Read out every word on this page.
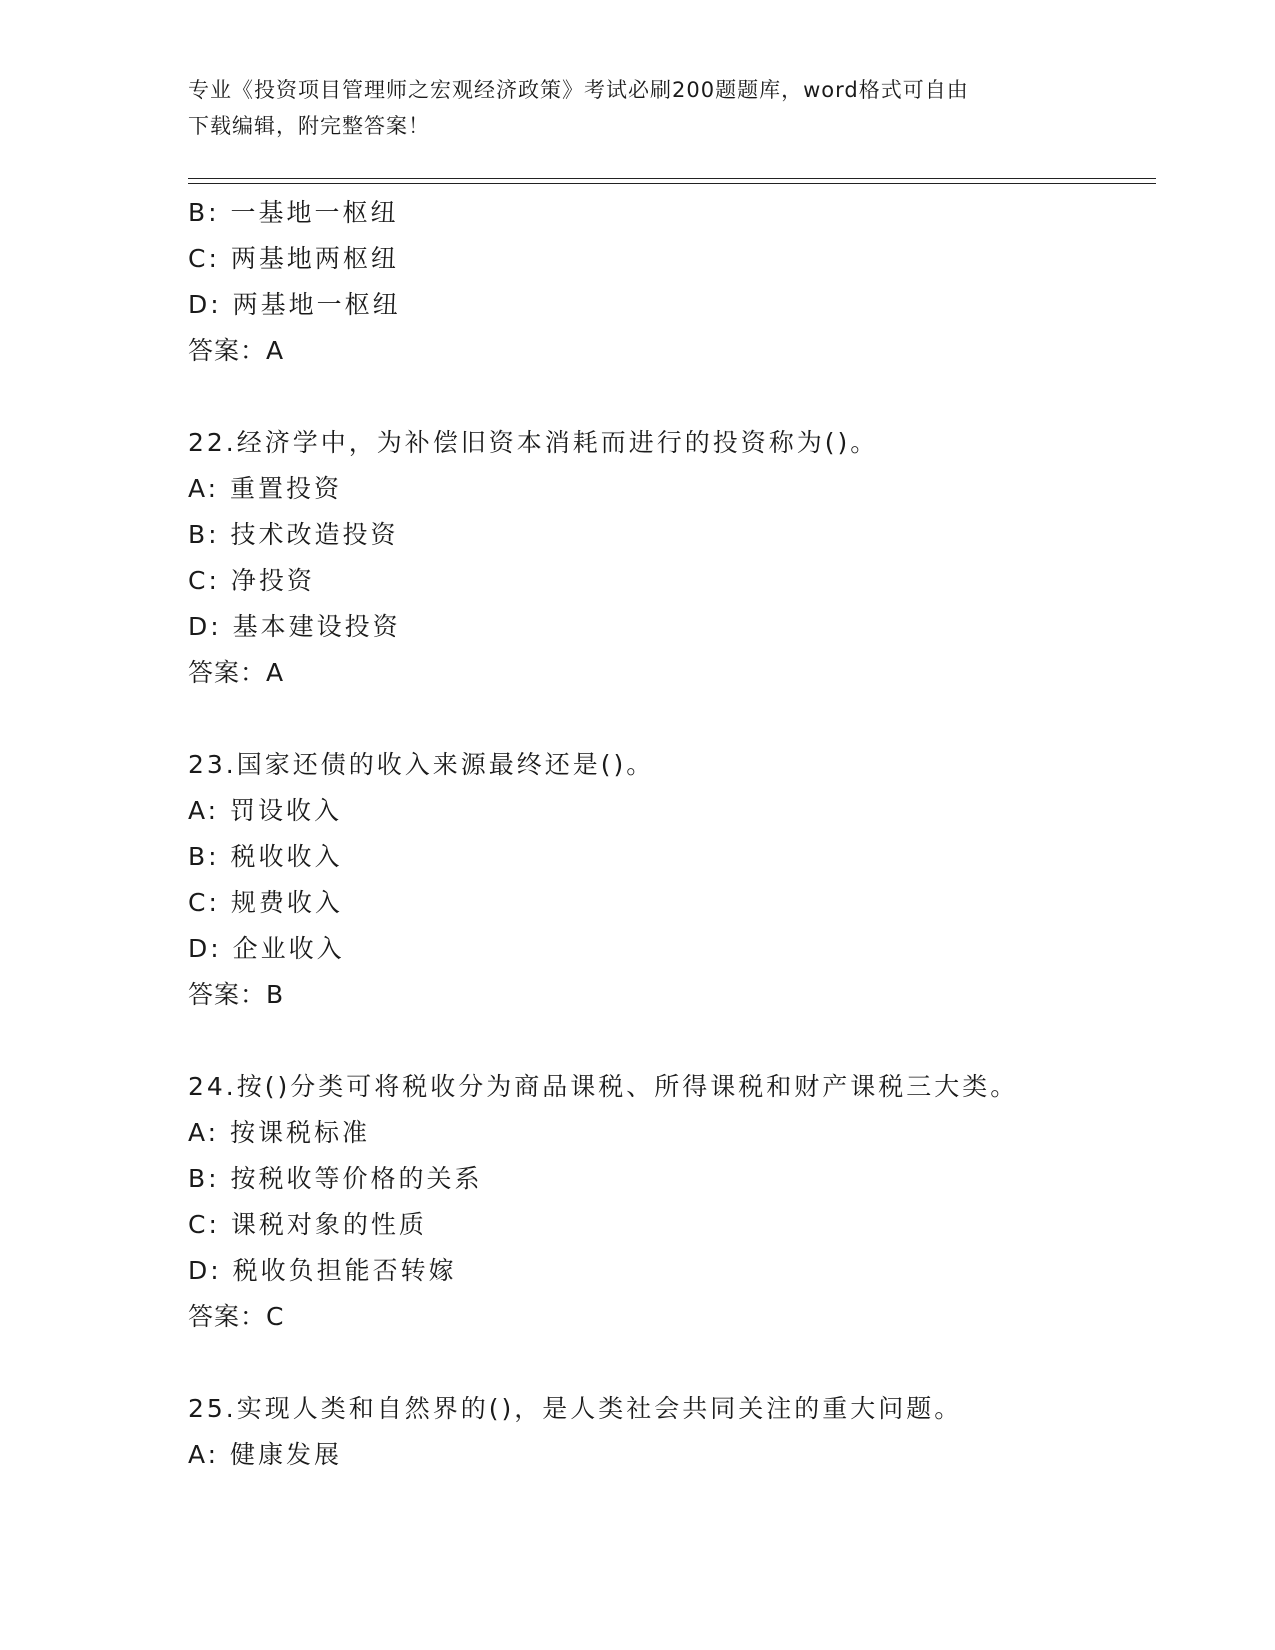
专业《投资项目管理师之宏观经济政策》考试必刷200题题库，word格式可自由
下载编辑，附完整答案！
B: 一基地一枢纽
C: 两基地两枢纽
D: 两基地一枢纽
答案：A
22.经济学中，为补偿旧资本消耗而进行的投资称为()。
A: 重置投资
B: 技术改造投资
C: 净投资
D: 基本建设投资
答案：A
23.国家还债的收入来源最终还是()。
A: 罚设收入
B: 税收收入
C: 规费收入
D: 企业收入
答案：B
24.按()分类可将税收分为商品课税、所得课税和财产课税三大类。
A: 按课税标准
B: 按税收等价格的关系
C: 课税对象的性质
D: 税收负担能否转嫁
答案：C
25.实现人类和自然界的()，是人类社会共同关注的重大问题。
A: 健康发展
